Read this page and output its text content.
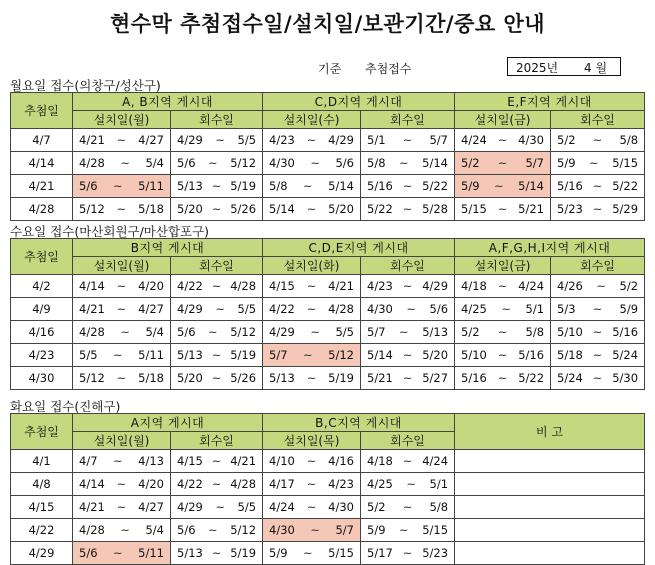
현수막 추첨접수일/설치일/보관기간/중요 안내
기준 추첨접수	2025년 4 월
월요일 접수(의창구/성산구)
추첨일	A, B지역 게시대		C,D지역 게시대		E,F지역 게시대	
	설치일(월)	회수일	설치일(수)	회수일	설치일(금)	회수일
4/7	4/21 ~ 4/27	4/29 ~ 5/5	4/23 ~ 4/29	5/1 ~ 5/7	4/24 ~ 4/30	5/2 ~ 5/8

4/14	4/28 ~ 5/4	5/6 ~ 5/12	4/30 ~ 5/6	5/8 ~ 5/14	5/2 ~ 5/7	5/9 ~ 5/15

4/21	5/6 ~ 5/11	5/13 ~ 5/19	5/8 ~ 5/14	5/16 ~ 5/22	5/9 ~ 5/14	5/16 ~ 5/22

4/28	5/12 ~ 5/18	5/20 ~ 5/26	5/14 ~ 5/20	5/22 ~ 5/28	5/15 ~ 5/21	5/23 ~ 5/29
수요일 접수(마산회원구/마산합포구)
추첨일	B지역 게시대		C,D,E지역 게시대		A,F,G,H,I지역 게시대	
	설치일(월)	회수일	설치일(화)	회수일	설치일(금)	회수일
4/2	4/14 ~ 4/20	4/22 ~ 4/28	4/15 ~ 4/21	4/23 ~ 4/29	4/18 ~ 4/24	4/26 ~ 5/2

4/9	4/21 ~ 4/27	4/29 ~ 5/5	4/22 ~ 4/28	4/30 ~ 5/6	4/25 ~ 5/1	5/3 ~ 5/9

4/16	4/28 ~ 5/4	5/6 ~ 5/12	4/29 ~ 5/5	5/7 ~ 5/13	5/2 ~ 5/8	5/10 ~ 5/16

4/23	5/5 ~ 5/11	5/13 ~ 5/19	5/7 ~ 5/12	5/14 ~ 5/20	5/10 ~ 5/16	5/18 ~ 5/24

4/30	5/12 ~ 5/18	5/20 ~ 5/26	5/13 ~ 5/19	5/21 ~ 5/27	5/16 ~ 5/22	5/24 ~ 5/30
화요일 접수(진해구)
추첨일	A지역 게시대		B,C지역 게시대		비 고
	설치일(월)	회수일	설치일(목)	회수일	
4/1	4/7 ~ 4/13	4/15 ~ 4/21	4/10 ~ 4/16	4/18 ~ 4/24	

4/8	4/14 ~ 4/20	4/22 ~ 4/28	4/17 ~ 4/23	4/25 ~ 5/1	

4/15	4/21 ~ 4/27	4/29 ~ 5/5	4/24 ~ 4/30	5/2 ~ 5/8	

4/22	4/28 ~ 5/4	5/6 ~ 5/12	4/30 ~ 5/7	5/9 ~ 5/15	

4/29	5/6 ~ 5/11	5/13 ~ 5/19	5/9 ~ 5/15	5/17 ~ 5/23	
